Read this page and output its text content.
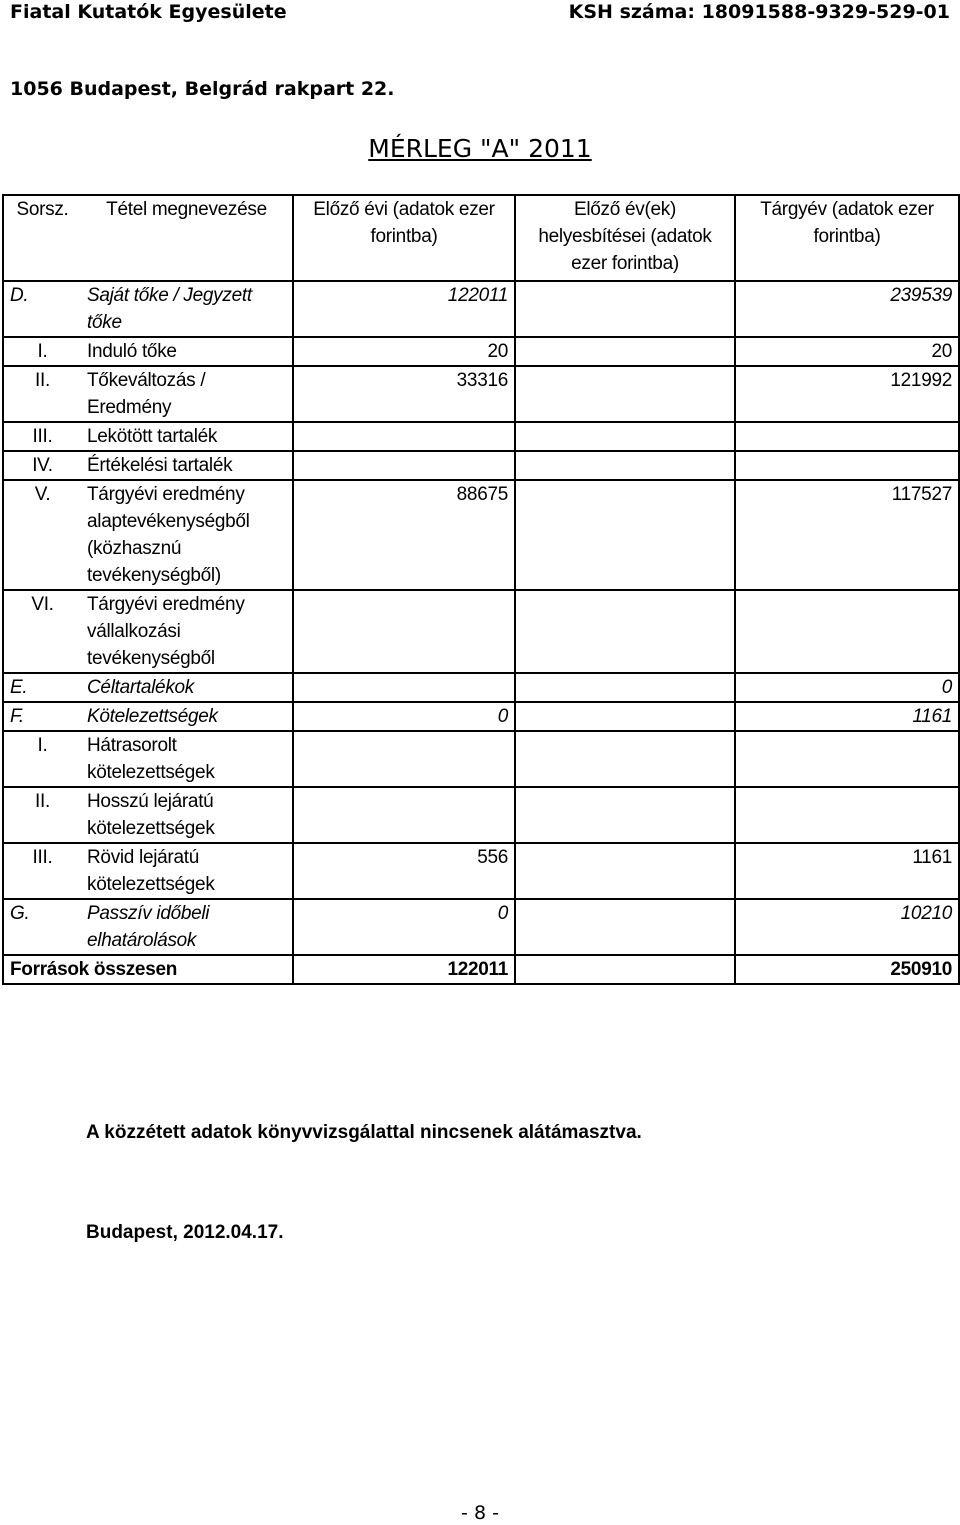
Fiatal Kutatók Egyesülete	KSH száma: 18091588-9329-529-01
1056 Budapest, Belgrád rakpart 22.
MÉRLEG "A" 2011
Sorsz.	Tétel megnevezése	Előző évi (adatok ezer forintba)	Előző év(ek) helyesbítései (adatok ezer forintba)	Tárgyév (adatok ezer forintba)
D.	Saját tőke / Jegyzett tőke	122011		239539
I.	Induló tőke	20		20
II.	Tőkeváltozás / Eredmény	33316		121992
III.	Lekötött tartalék			
IV.	Értékelési tartalék			
V.	Tárgyévi eredmény alaptevékenységből (közhasznú tevékenységből)	88675		117527
VI.	Tárgyévi eredmény vállalkozási tevékenységből			
E.	Céltartalékok			0
F.	Kötelezettségek	0		1161
I.	Hátrasorolt kötelezettségek			
II.	Hosszú lejáratú kötelezettségek			
III.	Rövid lejáratú kötelezettségek	556		1161
G.	Passzív időbeli elhatárolások	0		10210
Források összesen		122011		250910
A közzétett adatok könyvvizsgálattal nincsenek alátámasztva.
Budapest, 2012.04.17.
- 8 -
